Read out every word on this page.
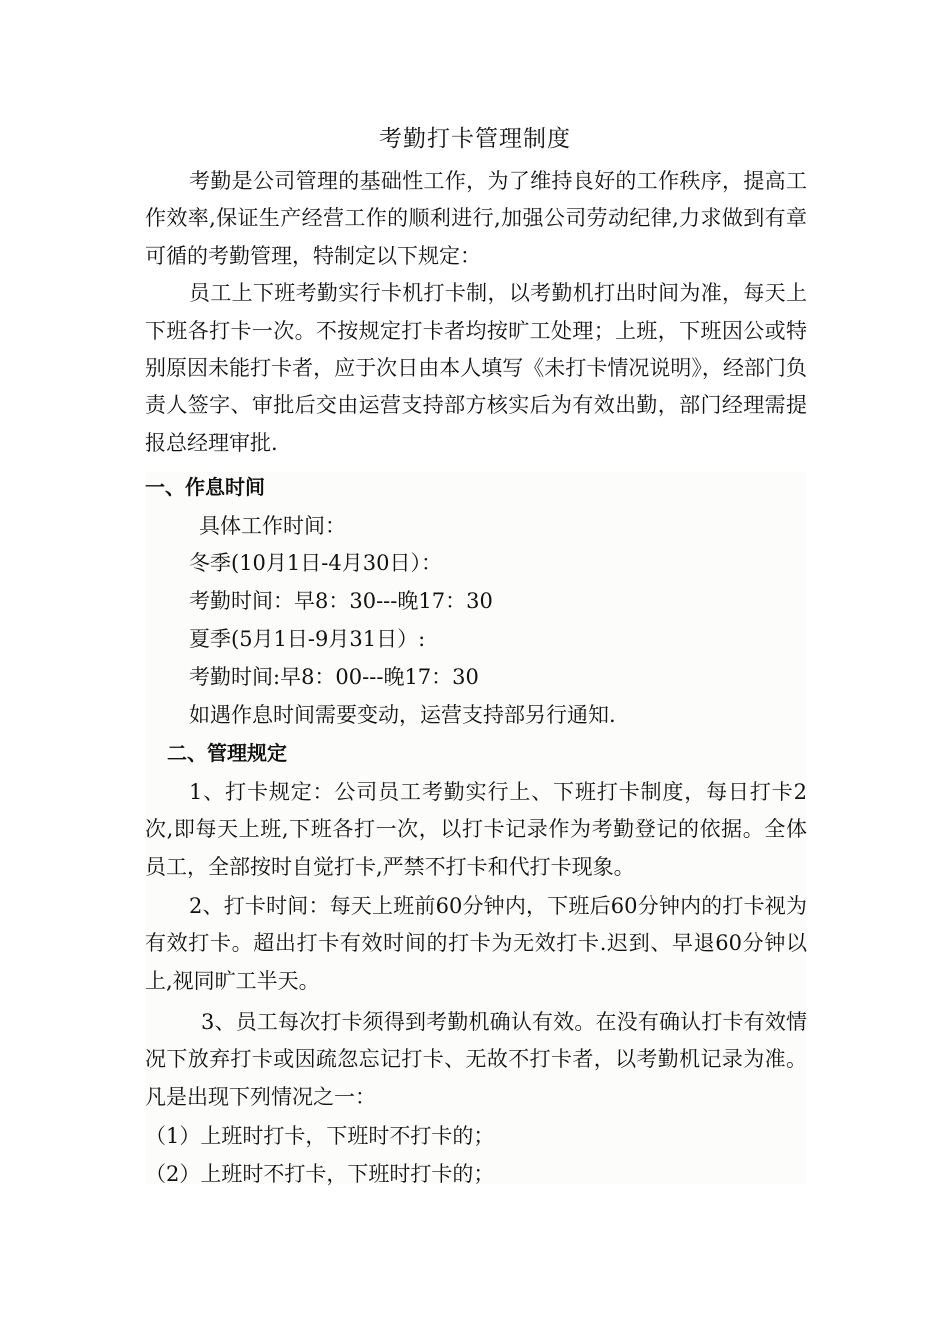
考勤打卡管理制度

考勤是公司管理的基础性工作，为了维持良好的工作秩序，提高工作效率,保证生产经营工作的顺利进行,加强公司劳动纪律,力求做到有章可循的考勤管理，特制定以下规定：

员工上下班考勤实行卡机打卡制，以考勤机打出时间为准，每天上下班各打卡一次。不按规定打卡者均按旷工处理；上班，下班因公或特别原因未能打卡者，应于次日由本人填写《未打卡情况说明》，经部门负责人签字、审批后交由运营支持部方核实后为有效出勤，部门经理需提报总经理审批.

一、作息时间
具体工作时间：
冬季(10月1日-4月30日）：
考勤时间：早8：30---晚17：30
夏季(5月1日-9月31日）:
考勤时间:早8：00---晚17：30
如遇作息时间需要变动，运营支持部另行通知.
二、管理规定

1、打卡规定：公司员工考勤实行上、下班打卡制度，每日打卡2次,即每天上班,下班各打一次，以打卡记录作为考勤登记的依据。全体员工，全部按时自觉打卡,严禁不打卡和代打卡现象。

2、打卡时间：每天上班前60分钟内，下班后60分钟内的打卡视为有效打卡。超出打卡有效时间的打卡为无效打卡.迟到、早退60分钟以上,视同旷工半天。

3、员工每次打卡须得到考勤机确认有效。在没有确认打卡有效情况下放弃打卡或因疏忽忘记打卡、无故不打卡者，以考勤机记录为准。凡是出现下列情况之一：

（1）上班时打卡，下班时不打卡的；
（2）上班时不打卡，下班时打卡的；
